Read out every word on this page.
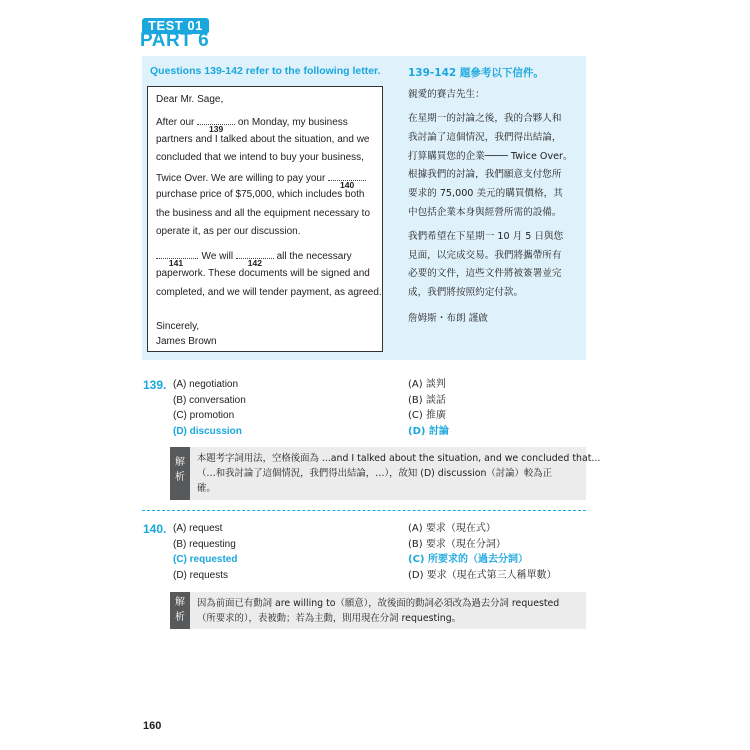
TEST 01
PART 6
Questions 139-142 refer to the following letter.	139-142 題參考以下信件。
Dear Mr. Sage,
After our
139
on Monday, my business
partners and I talked about the situation, and we
concluded that we intend to buy your business,
Twice Over. We are willing to pay your
140
purchase price of $75,000, which includes both
the business and all the equipment necessary to
operate it, as per our discussion.
141
. We will
142
all the necessary
paperwork. These documents will be signed and
completed, and we will tender payment, as agreed.
Sincerely,
James Brown
親愛的賽吉先生：
在星期一的討論之後，我的合夥人和
我討論了這個情況，我們得出結論，
打算購買您的企業──── Twice Over。
根據我們的討論，我們願意支付您所
要求的 75,000 美元的購買價格，其
中包括企業本身與經營所需的設備。
我們希望在下星期一 10 月 5 日與您
見面，以完成交易。我們將攜帶所有
必要的文件，這些文件將被簽署並完
成，我們將按照約定付款。
詹姆斯・布朗 謹啟
139. (A) negotiation
(B) conversation
(C) promotion
(D) discussion
(A) 談判
(B) 談話
(C) 推廣
(D) 討論
解
析
本題考字詞用法，空格後面為 ...and I talked about the situation, and we concluded that...
（…和我討論了這個情況，我們得出結論，…），故知 (D) discussion（討論）較為正
確。
140. (A) request
(B) requesting
(C) requested
(D) requests
(A) 要求（現在式）
(B) 要求（現在分詞）
(C) 所要求的（過去分詞）
(D) 要求（現在式第三人稱單數）
解
析
因為前面已有動詞 are willing to（願意），故後面的動詞必須改為過去分詞 requested
（所要求的），表被動；若為主動，則用現在分詞 requesting。
160
